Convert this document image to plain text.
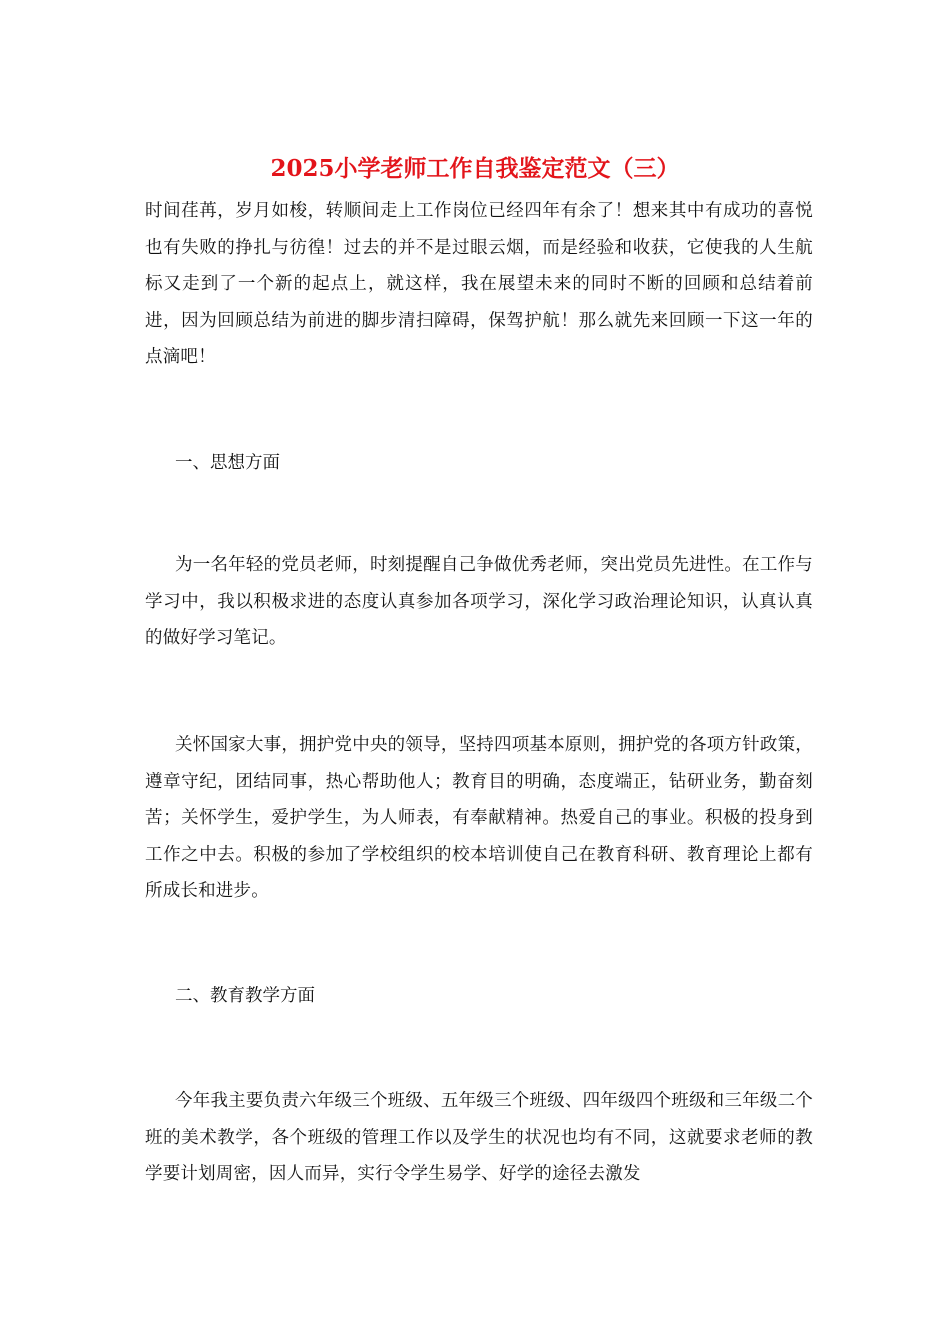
2025小学老师工作自我鉴定范文（三）

时间荏苒，岁月如梭，转顺间走上工作岗位已经四年有余了！想来其中有成功的喜悦也有失败的挣扎与彷徨！过去的并不是过眼云烟，而是经验和收获，它使我的人生航标又走到了一个新的起点上，就这样，我在展望未来的同时不断的回顾和总结着前进，因为回顾总结为前进的脚步清扫障碍，保驾护航！那么就先来回顾一下这一年的点滴吧！

一、思想方面

为一名年轻的党员老师，时刻提醒自己争做优秀老师，突出党员先进性。在工作与学习中，我以积极求进的态度认真参加各项学习，深化学习政治理论知识，认真认真的做好学习笔记。

关怀国家大事，拥护党中央的领导，坚持四项基本原则，拥护党的各项方针政策，遵章守纪，团结同事，热心帮助他人；教育目的明确，态度端正，钻研业务，勤奋刻苦；关怀学生，爱护学生，为人师表，有奉献精神。热爱自己的事业。积极的投身到工作之中去。积极的参加了学校组织的校本培训使自己在教育科研、教育理论上都有所成长和进步。

二、教育教学方面

今年我主要负责六年级三个班级、五年级三个班级、四年级四个班级和三年级二个班的美术教学，各个班级的管理工作以及学生的状况也均有不同，这就要求老师的教学要计划周密，因人而异，实行令学生易学、好学的途径去激发
